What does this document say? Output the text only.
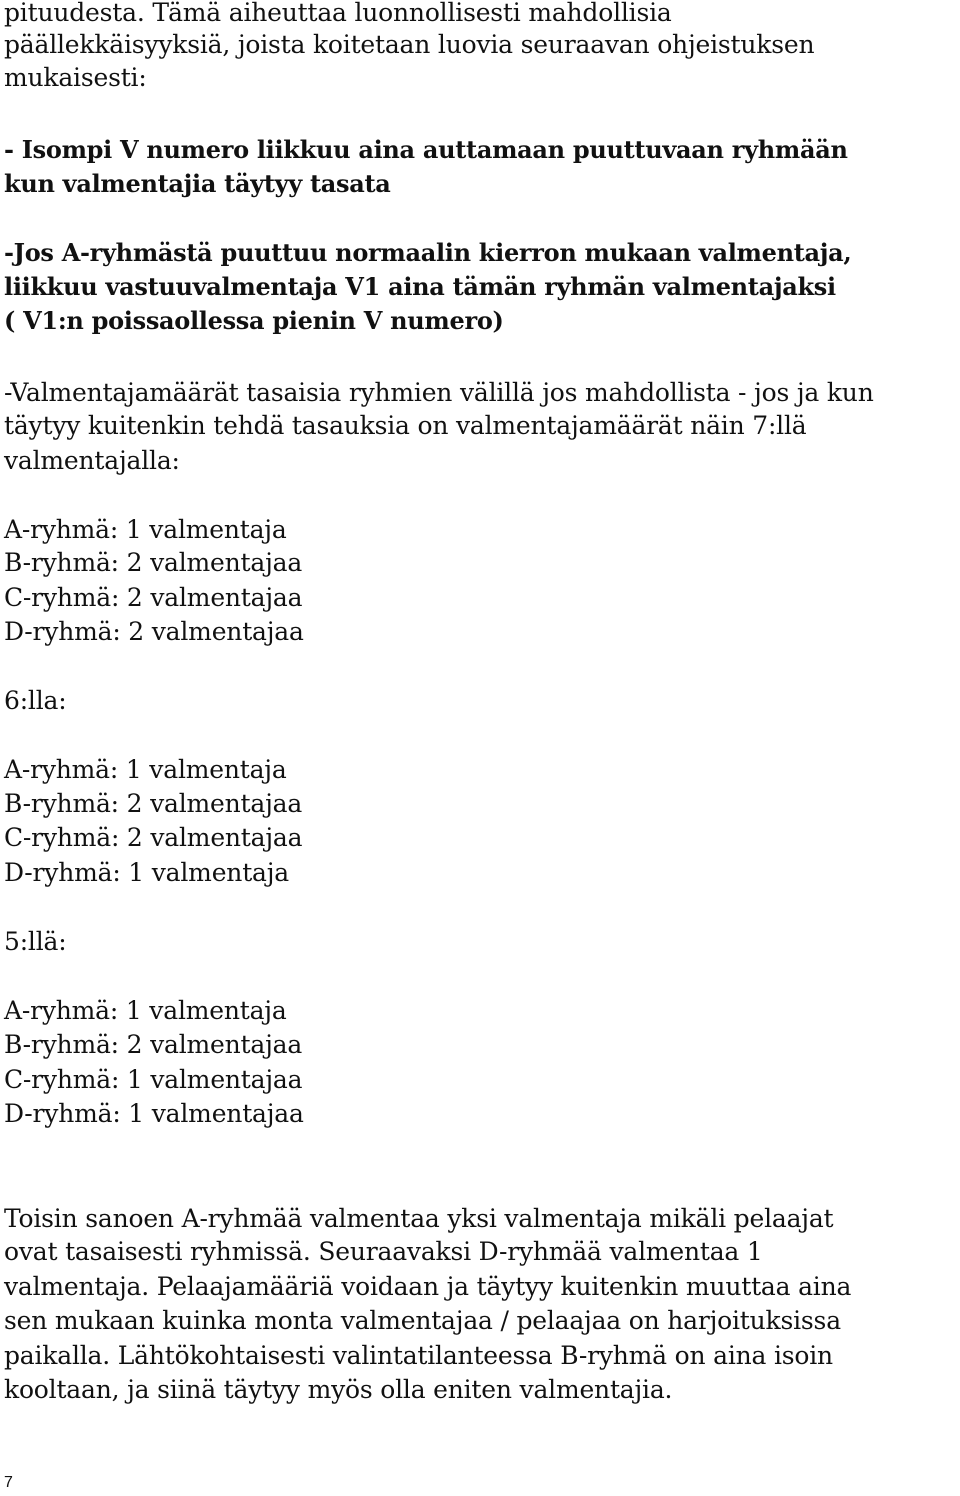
pituudesta. Tämä aiheuttaa luonnollisesti mahdollisia
päällekkäisyyksiä, joista koitetaan luovia seuraavan ohjeistuksen
mukaisesti:
- Isompi V numero liikkuu aina auttamaan puuttuvaan ryhmään
kun valmentajia täytyy tasata
-Jos A-ryhmästä puuttuu normaalin kierron mukaan valmentaja,
liikkuu vastuuvalmentaja V1 aina tämän ryhmän valmentajaksi
( V1:n poissaollessa pienin V numero)
-Valmentajamäärät tasaisia ryhmien välillä jos mahdollista - jos ja kun
täytyy kuitenkin tehdä tasauksia on valmentajamäärät näin 7:llä
valmentajalla:
A-ryhmä: 1 valmentaja
B-ryhmä: 2 valmentajaa
C-ryhmä: 2 valmentajaa
D-ryhmä: 2 valmentajaa
6:lla:
A-ryhmä: 1 valmentaja
B-ryhmä: 2 valmentajaa
C-ryhmä: 2 valmentajaa
D-ryhmä: 1 valmentaja
5:llä:
A-ryhmä: 1 valmentaja
B-ryhmä: 2 valmentajaa
C-ryhmä: 1 valmentajaa
D-ryhmä: 1 valmentajaa
Toisin sanoen A-ryhmää valmentaa yksi valmentaja mikäli pelaajat
ovat tasaisesti ryhmissä. Seuraavaksi D-ryhmää valmentaa 1
valmentaja. Pelaajamääriä voidaan ja täytyy kuitenkin muuttaa aina
sen mukaan kuinka monta valmentajaa / pelaajaa on harjoituksissa
paikalla. Lähtökohtaisesti valintatilanteessa B-ryhmä on aina isoin
kooltaan, ja siinä täytyy myös olla eniten valmentajia.
7
